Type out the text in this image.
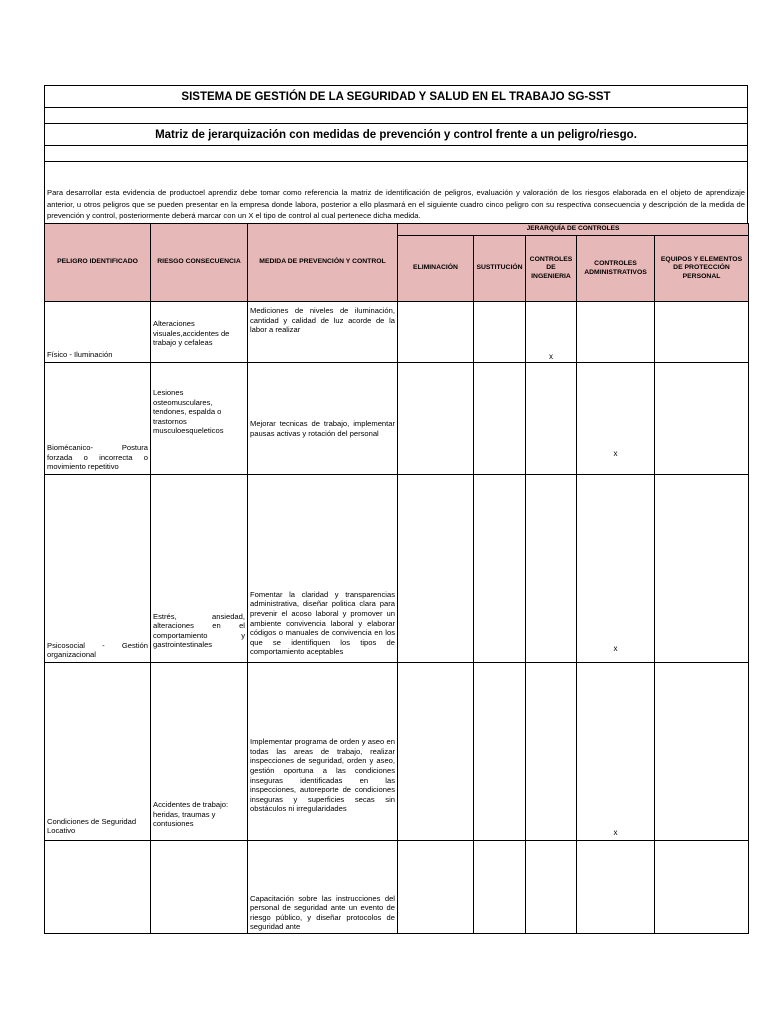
SISTEMA DE GESTIÓN DE LA SEGURIDAD Y SALUD EN EL TRABAJO SG-SST
Matriz de jerarquización con medidas de prevención y control frente a un peligro/riesgo.
Para desarrollar esta evidencia de productoel aprendiz debe tomar como referencia la matriz de identificación de peligros, evaluación y valoración de los riesgos elaborada en el objeto de aprendizaje anterior, u otros peligros que se pueden presentar en la empresa donde labora, posterior a ello plasmará en el siguiente cuadro cinco peligro con su respectiva consecuencia y descripción de la medida de prevención y control, posteriormente deberá marcar con un X el tipo de control al cual pertenece dicha medida.
PELIGRO IDENTIFICADO	RIESGO CONSECUENCIA	MEDIDA DE PREVENCIÓN Y CONTROL	JERARQUÍA DE CONTROLES				
			ELIMINACIÓN	SUSTITUCIÓN	CONTROLES DE INGENIERIA	CONTROLES ADMINISTRATIVOS	EQUIPOS Y ELEMENTOS DE PROTECCIÓN PERSONAL
Físico - Iluminación	Alteraciones visuales,accidentes de trabajo y cefaleas	Mediciones de niveles de iluminación, cantidad y calidad de luz acorde de la labor a realizar			x		
Biomécanico- Postura forzada o incorrecta o movimiento repetitivo	Lesiones osteomusculares, tendones, espalda o trastornos musculoesqueleticos	Mejorar tecnicas de trabajo, implementar pausas activas y rotación del personal				x	
Psicosocial - Gestión organizacional	Estrés, ansiedad, alteraciones en el comportamiento y gastrointestinales	Fomentar la claridad y transparencias administrativa, diseñar politica clara para prevenir el acoso laboral y promover un ambiente convivencia laboral y elaborar códigos o manuales de convivencia en los que se identifiquen los tipos de comportamiento aceptables				x	
Condiciones de Seguridad Locativo	Accidentes de trabajo: heridas, traumas y contusiones	Implementar programa de orden y aseo en todas las areas de trabajo, realizar inspecciones de seguridad, orden y aseo, gestión oportuna a las condiciones inseguras identificadas en las inspecciones, autoreporte de condiciones inseguras y superficies secas sin obstáculos ni irregularidades				x	
		Capacitación sobre las instrucciones del personal de seguridad ante un evento de riesgo público, y diseñar protocolos de seguridad ante					
